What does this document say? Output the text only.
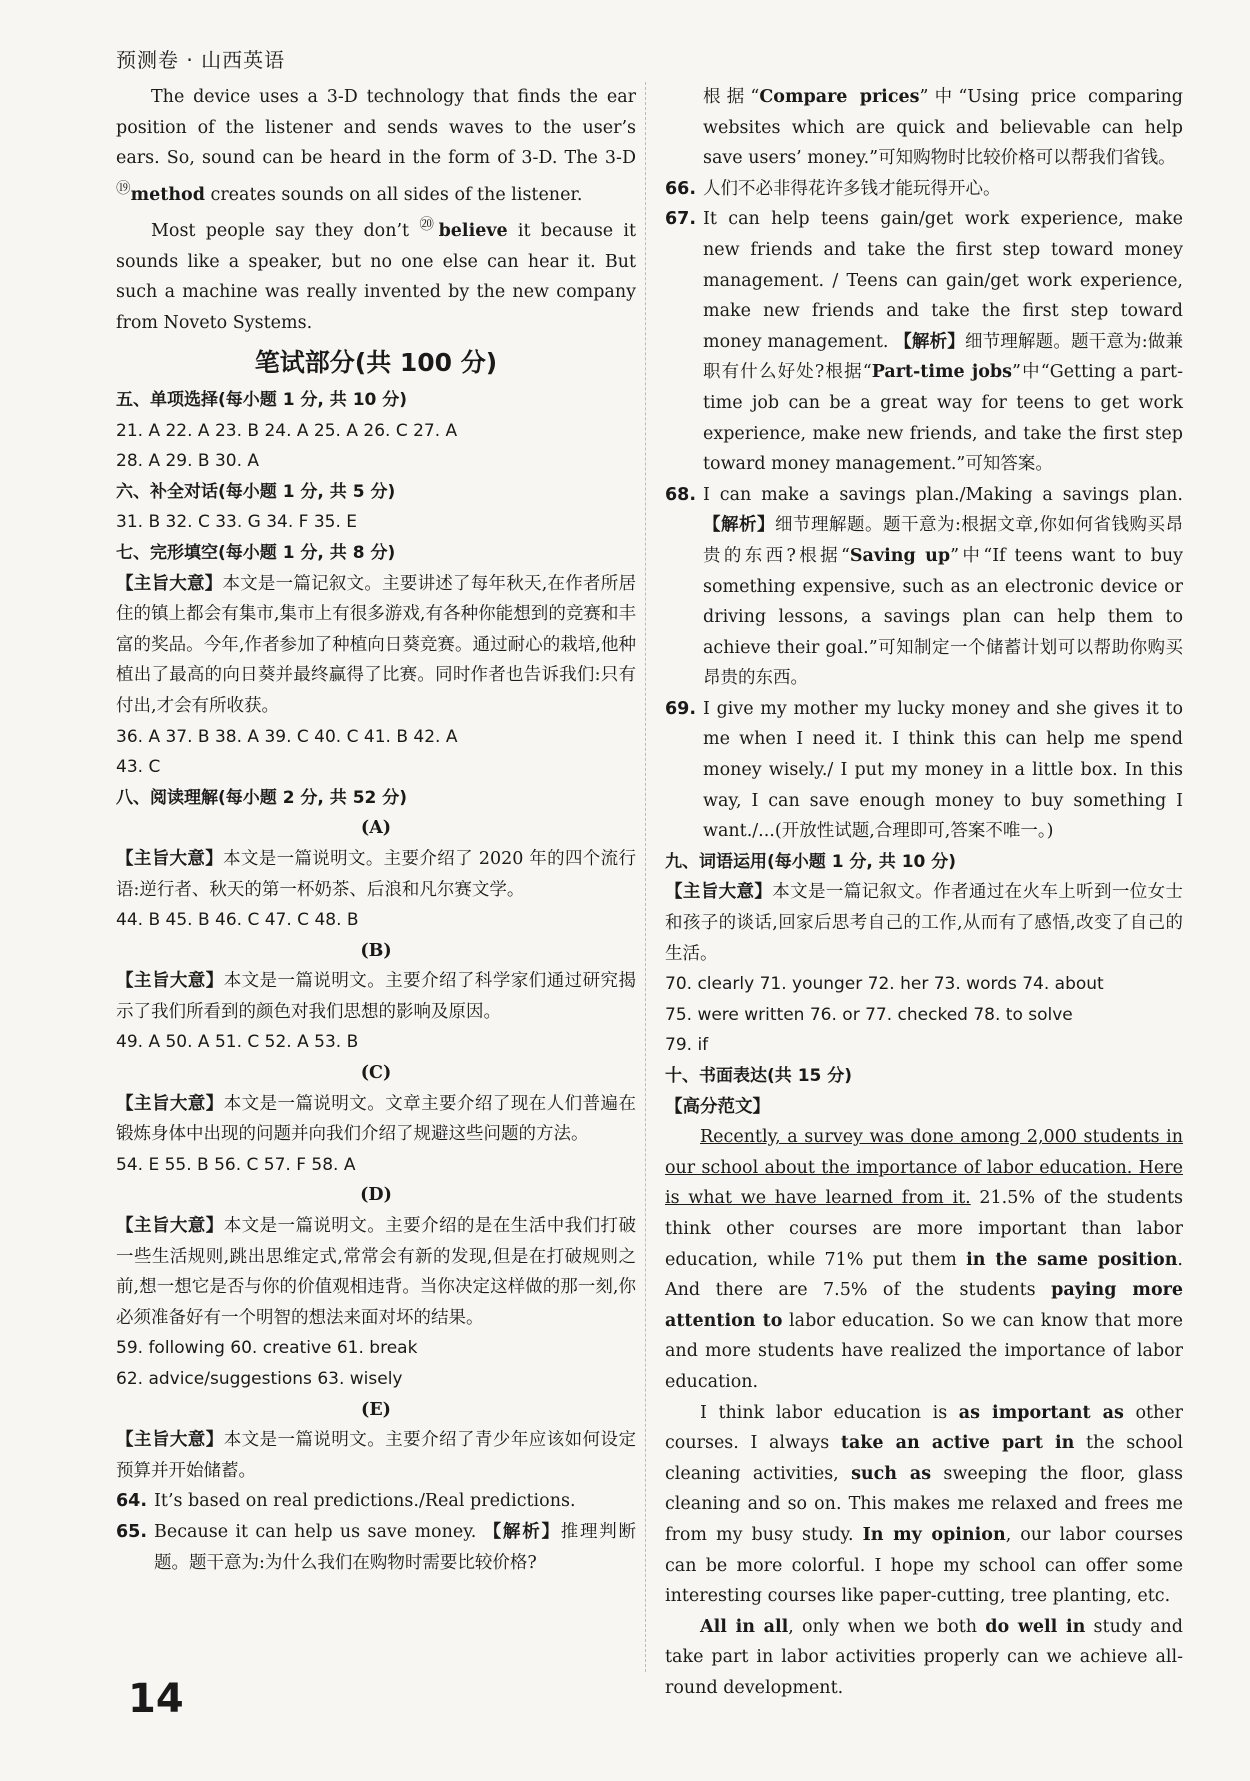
预测卷 · 山西英语

The device uses a 3-D technology that finds the ear position of the listener and sends waves to the user’s ears. So, sound can be heard in the form of 3-D. The 3-D ⑲method creates sounds on all sides of the listener.

Most people say they don’t ⑳believe it because it sounds like a speaker, but no one else can hear it. But such a machine was really invented by the new company from Noveto Systems.

笔试部分(共 100 分)
五、单项选择(每小题 1 分, 共 10 分)
21. A 22. A 23. B 24. A 25. A 26. C 27. A
28. A 29. B 30. A
六、补全对话(每小题 1 分, 共 5 分)
31. B 32. C 33. G 34. F 35. E
七、完形填空(每小题 1 分, 共 8 分)

【主旨大意】本文是一篇记叙文。主要讲述了每年秋天,在作者所居住的镇上都会有集市,集市上有很多游戏,有各种你能想到的竞赛和丰富的奖品。今年,作者参加了种植向日葵竞赛。通过耐心的栽培,他种植出了最高的向日葵并最终赢得了比赛。同时作者也告诉我们:只有付出,才会有所收获。

36. A 37. B 38. A 39. C 40. C 41. B 42. A
43. C
八、阅读理解(每小题 2 分, 共 52 分)
(A)

【主旨大意】本文是一篇说明文。主要介绍了 2020 年的四个流行语:逆行者、秋天的第一杯奶茶、后浪和凡尔赛文学。

44. B 45. B 46. C 47. C 48. B
(B)

【主旨大意】本文是一篇说明文。主要介绍了科学家们通过研究揭示了我们所看到的颜色对我们思想的影响及原因。

49. A 50. A 51. C 52. A 53. B
(C)

【主旨大意】本文是一篇说明文。文章主要介绍了现在人们普遍在锻炼身体中出现的问题并向我们介绍了规避这些问题的方法。

54. E 55. B 56. C 57. F 58. A
(D)

【主旨大意】本文是一篇说明文。主要介绍的是在生活中我们打破一些生活规则,跳出思维定式,常常会有新的发现,但是在打破规则之前,想一想它是否与你的价值观相违背。当你决定这样做的那一刻,你必须准备好有一个明智的想法来面对坏的结果。

59. following 60. creative 61. break
62. advice/suggestions 63. wisely
(E)

【主旨大意】本文是一篇说明文。主要介绍了青少年应该如何设定预算并开始储蓄。

64. It’s based on real predictions./Real predictions.

65. Because it can help us save money. 【解析】推理判断题。题干意为:为什么我们在购物时需要比较价格?

根据“Compare prices”中“Using price comparing websites which are quick and believable can help save users’ money.”可知购物时比较价格可以帮我们省钱。

66. 人们不必非得花许多钱才能玩得开心。

67. It can help teens gain/get work experience, make new friends and take the first step toward money management. / Teens can gain/get work experience, make new friends and take the first step toward money management. 【解析】细节理解题。题干意为:做兼职有什么好处?根据“Part-time jobs”中“Getting a part-time job can be a great way for teens to get work experience, make new friends, and take the first step toward money management.”可知答案。

68. I can make a savings plan./Making a savings plan. 【解析】细节理解题。题干意为:根据文章,你如何省钱购买昂贵的东西?根据“Saving up”中“If teens want to buy something expensive, such as an electronic device or driving lessons, a savings plan can help them to achieve their goal.”可知制定一个储蓄计划可以帮助你购买昂贵的东西。

69. I give my mother my lucky money and she gives it to me when I need it. I think this can help me spend money wisely./ I put my money in a little box. In this way, I can save enough money to buy something I want./...(开放性试题,合理即可,答案不唯一。)

九、词语运用(每小题 1 分, 共 10 分)

【主旨大意】本文是一篇记叙文。作者通过在火车上听到一位女士和孩子的谈话,回家后思考自己的工作,从而有了感悟,改变了自己的生活。

70. clearly 71. younger 72. her 73. words 74. about
75. were written 76. or 77. checked 78. to solve
79. if
十、书面表达(共 15 分)
【高分范文】

Recently, a survey was done among 2,000 students in our school about the importance of labor education. Here is what we have learned from it. 21.5% of the students think other courses are more important than labor education, while 71% put them in the same position. And there are 7.5% of the students paying more attention to labor education. So we can know that more and more students have realized the importance of labor education.

I think labor education is as important as other courses. I always take an active part in the school cleaning activities, such as sweeping the floor, glass cleaning and so on. This makes me relaxed and frees me from my busy study. In my opinion, our labor courses can be more colorful. I hope my school can offer some interesting courses like paper-cutting, tree planting, etc.

All in all, only when we both do well in study and take part in labor activities properly can we achieve all-round development.

14
